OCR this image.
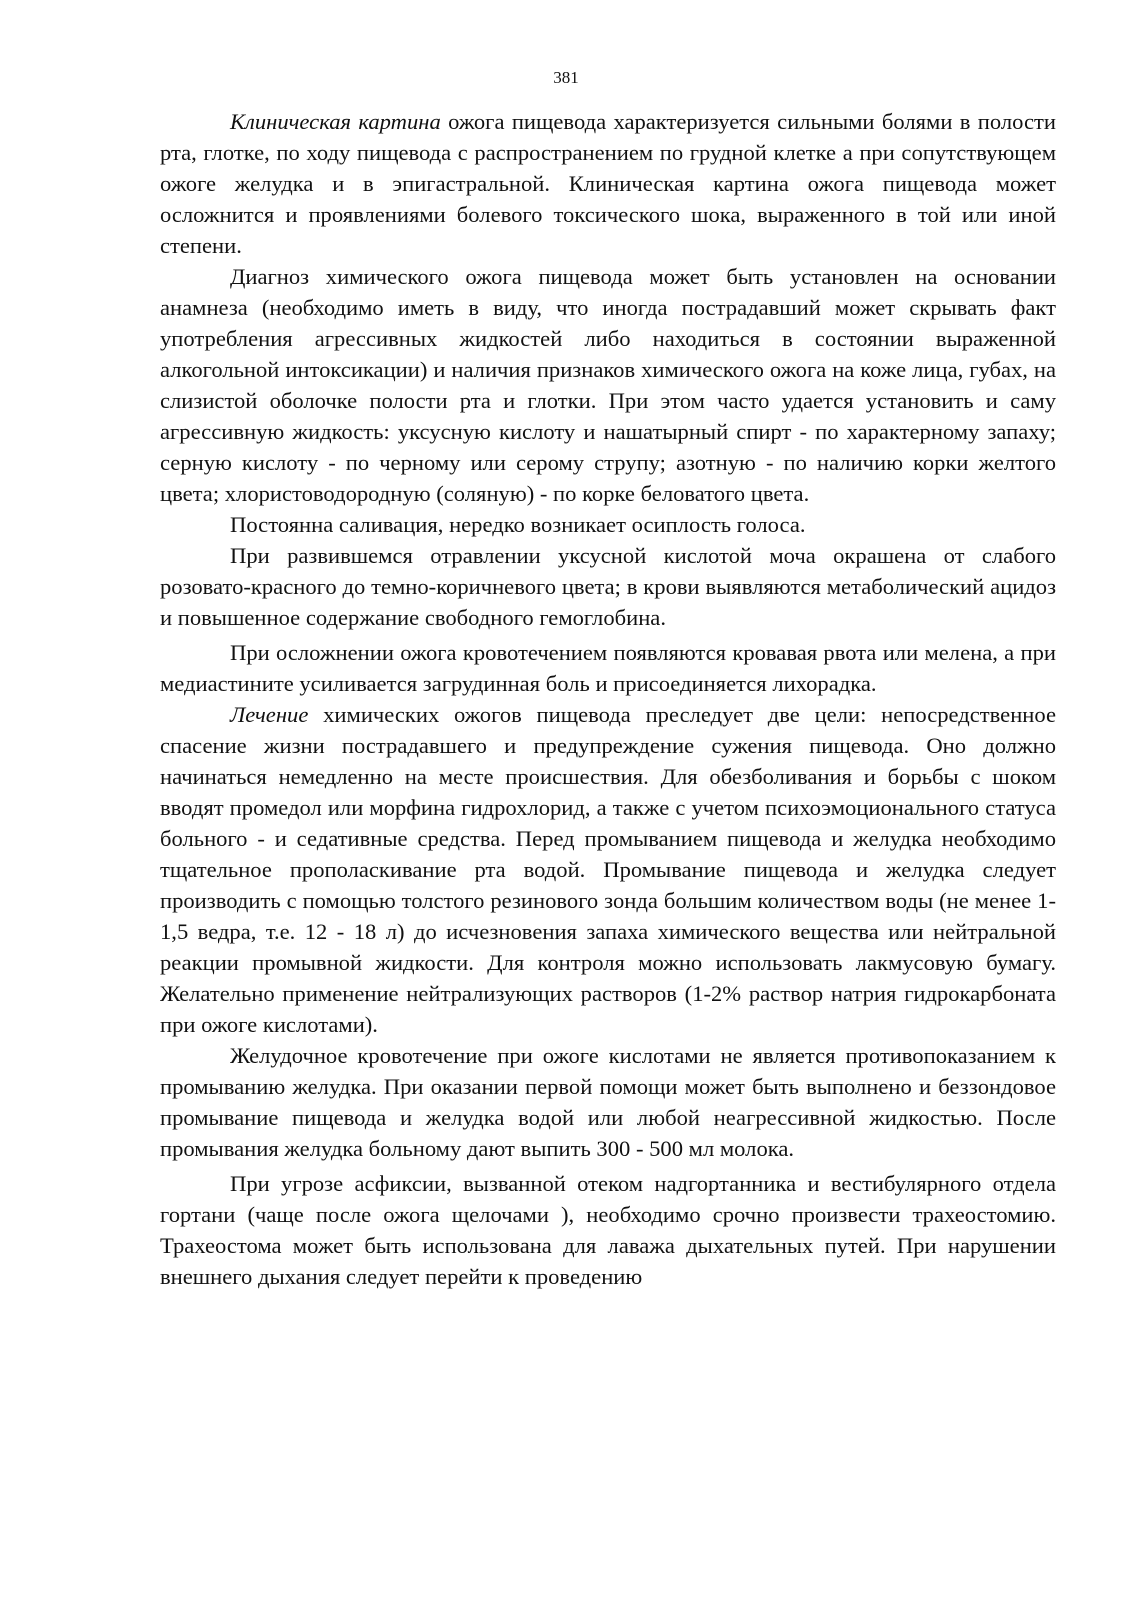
381

Клиническая картина ожога пищевода характеризуется сильными болями в полости рта, глотке, по ходу пищевода с распространением по грудной клетке а при сопутствующем ожоге желудка и в эпигастральной. Клиническая картина ожога пищевода может осложнится и проявлениями болевого токсического шока, выраженного в той или иной степени.

Диагноз химического ожога пищевода может быть установлен на основании анамнеза (необходимо иметь в виду, что иногда пострадавший может скрывать факт употребления агрессивных жидкостей либо находиться в состоянии выраженной алкогольной интоксикации) и наличия признаков химического ожога на коже лица, губах, на слизистой оболочке полости рта и глотки. При этом часто удается установить и саму агрессивную жидкость: уксусную кислоту и нашатырный спирт - по характерному запаху; серную кислоту - по черному или серому струпу; азотную - по наличию корки желтого цвета; хлористоводородную (соляную) - по корке беловатого цвета.

Постоянна саливация, нередко возникает осиплость голоса.

При развившемся отравлении уксусной кислотой моча окрашена от слабого розовато-красного до темно-коричневого цвета; в крови выявляются метаболический ацидоз и повышенное содержание свободного гемоглобина.

При осложнении ожога кровотечением появляются кровавая рвота или мелена, а при медиастините усиливается загрудинная боль и присоединяется лихорадка.

Лечение химических ожогов пищевода преследует две цели: непосредственное спасение жизни пострадавшего и предупреждение сужения пищевода. Оно должно начинаться немедленно на месте происшествия. Для обезболивания и борьбы с шоком вводят промедол или морфина гидрохлорид, а также с учетом психоэмоционального статуса больного - и седативные средства. Перед промыванием пищевода и желудка необходимо тщательное прополаскивание рта водой. Промывание пищевода и желудка следует производить с помощью толстого резинового зонда большим количеством воды (не менее 1-1,5 ведра, т.е. 12 - 18 л) до исчезновения запаха химического вещества или нейтральной реакции промывной жидкости. Для контроля можно использовать лакмусовую бумагу. Желательно применение нейтрализующих растворов (1-2% раствор натрия гидрокарбоната при ожоге кислотами).

Желудочное кровотечение при ожоге кислотами не является противопоказанием к промыванию желудка. При оказании первой помощи может быть выполнено и беззондовое промывание пищевода и желудка водой или любой неагрессивной жидкостью. После промывания желудка больному дают выпить 300 - 500 мл молока.

При угрозе асфиксии, вызванной отеком надгортанника и вестибулярного отдела гортани (чаще после ожога щелочами ), необходимо срочно произвести трахеостомию. Трахеостома может быть использована для лаважа дыхательных путей. При нарушении внешнего дыхания следует перейти к проведению
